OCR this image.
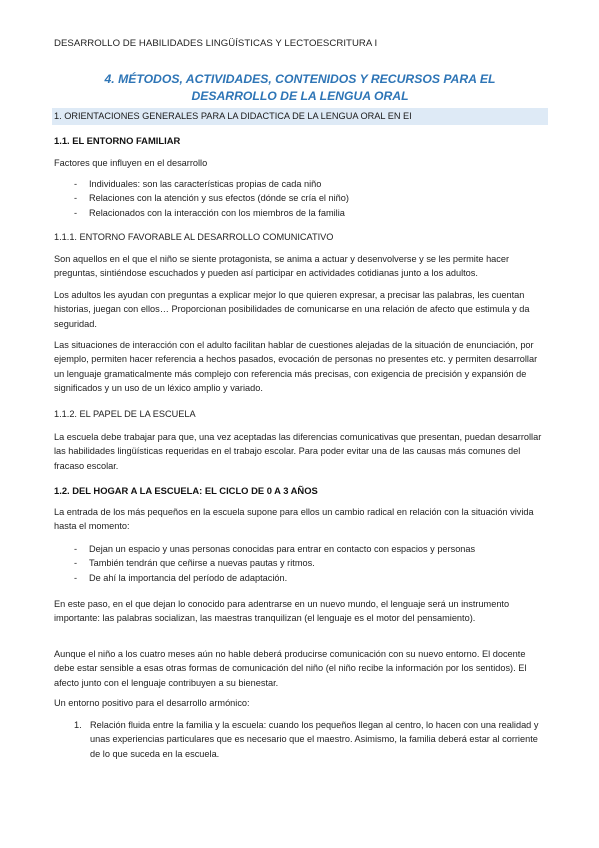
DESARROLLO DE HABILIDADES LINGÜÍSTICAS Y LECTOESCRITURA I
4. MÉTODOS, ACTIVIDADES, CONTENIDOS Y RECURSOS PARA EL
DESARROLLO DE LA LENGUA ORAL
1. ORIENTACIONES GENERALES PARA LA DIDACTICA DE LA LENGUA ORAL EN EI
1.1. EL ENTORNO FAMILIAR
Factores que influyen en el desarrollo
- Individuales: son las características propias de cada niño
- Relaciones con la atención y sus efectos (dónde se cría el niño)
- Relacionados con la interacción con los miembros de la familia
1.1.1. ENTORNO FAVORABLE AL DESARROLLO COMUNICATIVO
Son aquellos en el que el niño se siente protagonista, se anima a actuar y desenvolverse y se les permite hacer preguntas, sintiéndose escuchados y pueden así participar en actividades cotidianas junto a los adultos.
Los adultos les ayudan con preguntas a explicar mejor lo que quieren expresar, a precisar las palabras, les cuentan historias, juegan con ellos… Proporcionan posibilidades de comunicarse en una relación de afecto que estimula y da seguridad.
Las situaciones de interacción con el adulto facilitan hablar de cuestiones alejadas de la situación de enunciación, por ejemplo, permiten hacer referencia a hechos pasados, evocación de personas no presentes etc. y permiten desarrollar un lenguaje gramaticalmente más complejo con referencia más precisas, con exigencia de precisión y expansión de significados y un uso de un léxico amplio y variado.
1.1.2. EL PAPEL DE LA ESCUELA
La escuela debe trabajar para que, una vez aceptadas las diferencias comunicativas que presentan, puedan desarrollar las habilidades lingüísticas requeridas en el trabajo escolar. Para poder evitar una de las causas más comunes del fracaso escolar.
1.2. DEL HOGAR A LA ESCUELA: EL CICLO DE 0 A 3 AÑOS
La entrada de los más pequeños en la escuela supone para ellos un cambio radical en relación con la situación vivida hasta el momento:
- Dejan un espacio y unas personas conocidas para entrar en contacto con espacios y personas
- También tendrán que ceñirse a nuevas pautas y ritmos.
- De ahí la importancia del período de adaptación.
En este paso, en el que dejan lo conocido para adentrarse en un nuevo mundo, el lenguaje será un instrumento importante: las palabras socializan, las maestras tranquilizan (el lenguaje es el motor del pensamiento).
Aunque el niño a los cuatro meses aún no hable deberá producirse comunicación con su nuevo entorno. El docente debe estar sensible a esas otras formas de comunicación del niño (el niño recibe la información por los sentidos). El afecto junto con el lenguaje contribuyen a su bienestar.
Un entorno positivo para el desarrollo armónico:
1. Relación fluida entre la familia y la escuela: cuando los pequeños llegan al centro, lo hacen con una realidad y unas experiencias particulares que es necesario que el maestro. Asimismo, la familia deberá estar al corriente de lo que suceda en la escuela.
